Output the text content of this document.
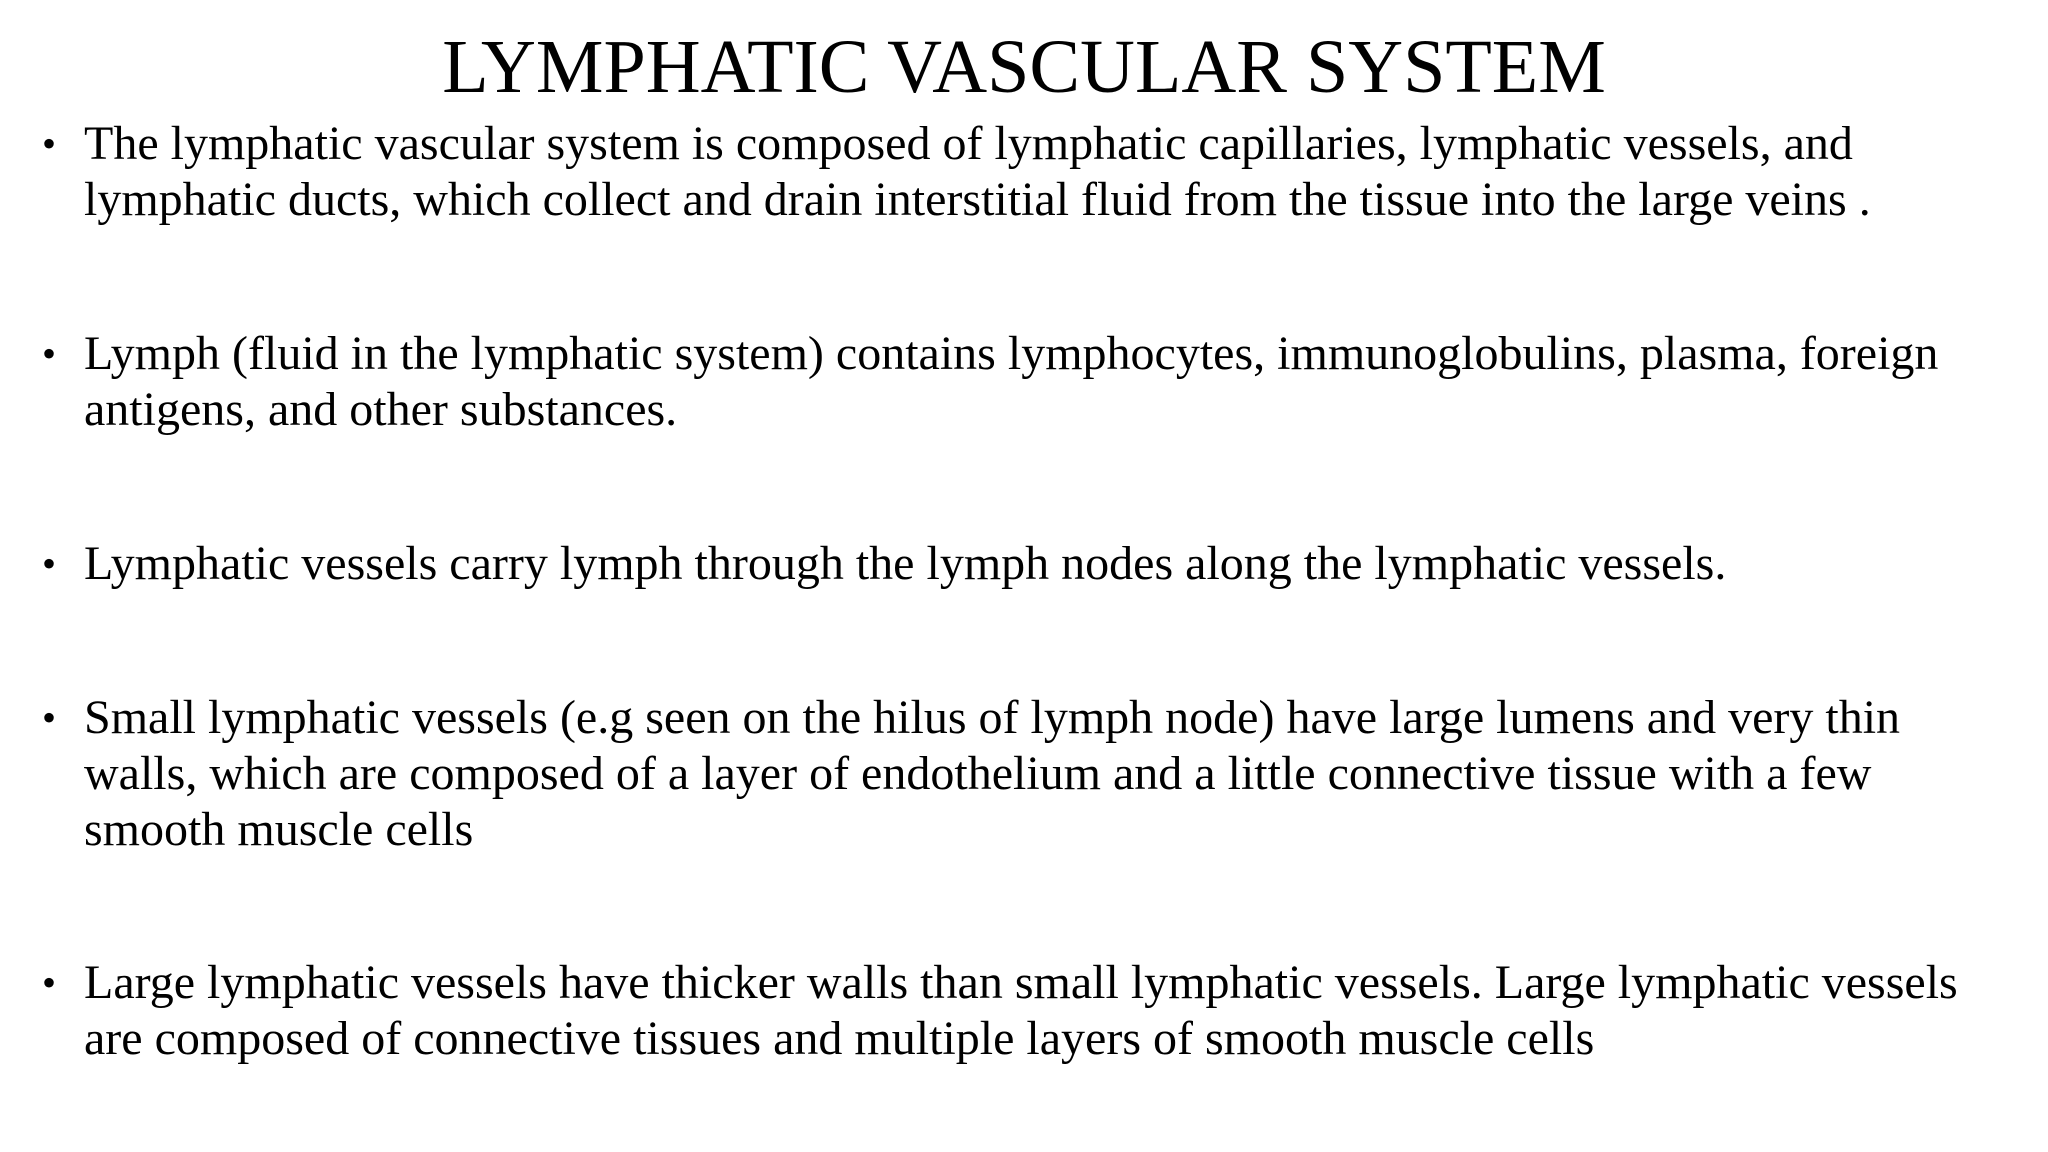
LYMPHATIC VASCULAR SYSTEM
• The lymphatic vascular system is composed of lymphatic capillaries, lymphatic vessels, and lymphatic ducts, which collect and drain interstitial fluid from the tissue into the large veins .
• Lymph (fluid in the lymphatic system) contains lymphocytes, immunoglobulins, plasma, foreign antigens, and other substances.
• Lymphatic vessels carry lymph through the lymph nodes along the lymphatic vessels.
• Small lymphatic vessels (e.g seen on the hilus of lymph node) have large lumens and very thin walls, which are composed of a layer of endothelium and a little connective tissue with a few smooth muscle cells
• Large lymphatic vessels have thicker walls than small lymphatic vessels. Large lymphatic vessels are composed of connective tissues and multiple layers of smooth muscle cells
